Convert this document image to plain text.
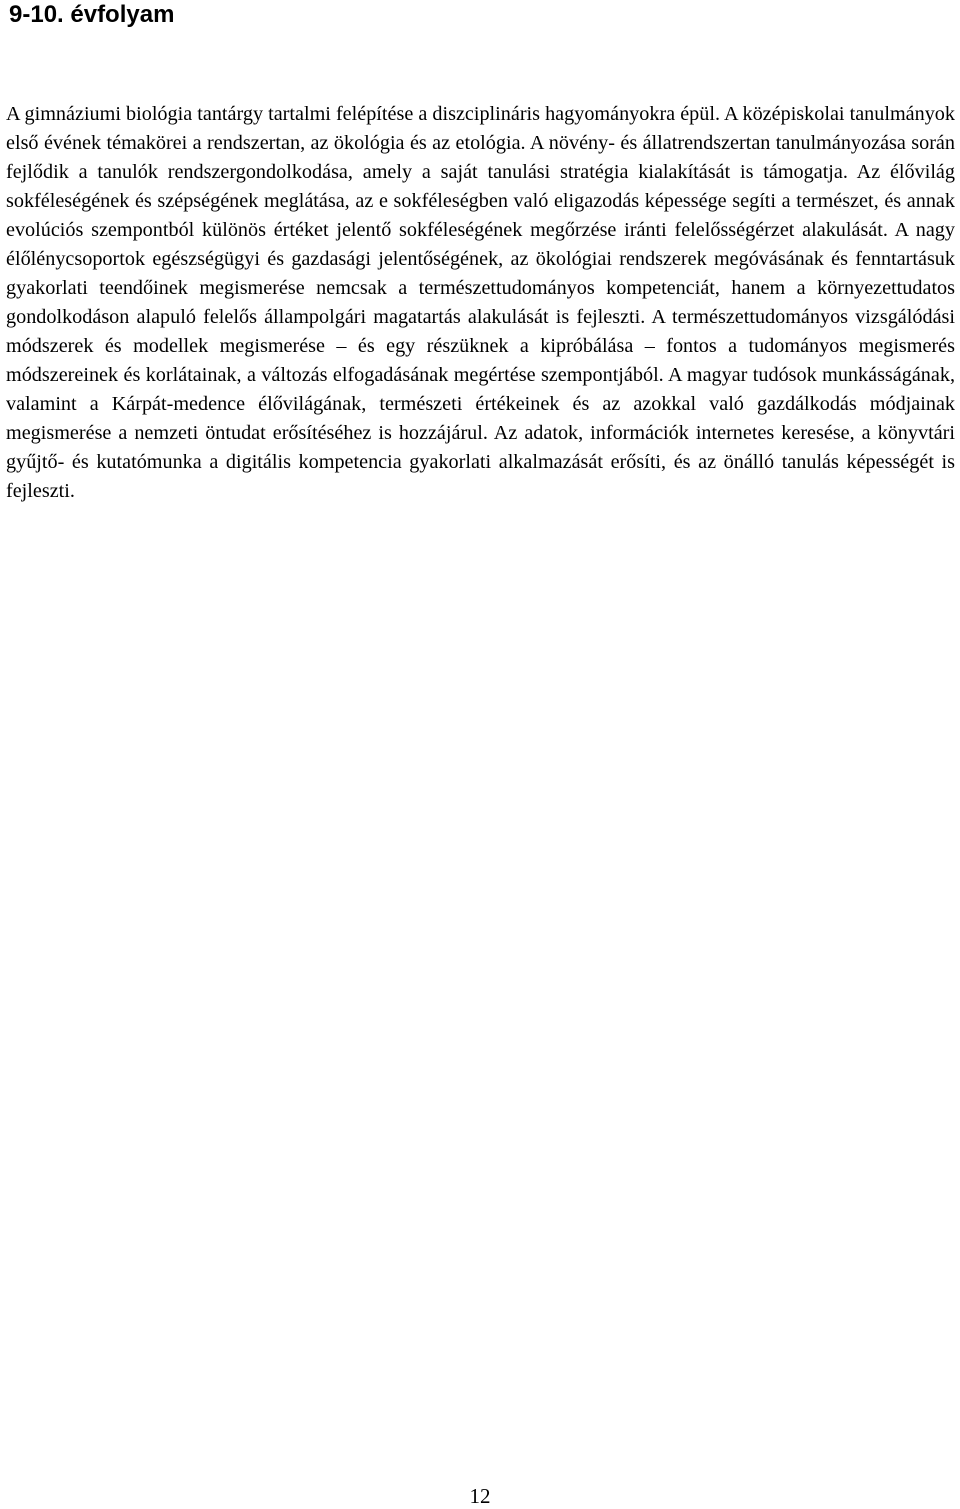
9-10. évfolyam

A gimnáziumi biológia tantárgy tartalmi felépítése a diszciplináris hagyományokra épül. A középiskolai tanulmányok első évének témakörei a rendszertan, az ökológia és az etológia. A növény- és állatrendszertan tanulmányozása során fejlődik a tanulók rendszergondolkodása, amely a saját tanulási stratégia kialakítását is támogatja. Az élővilág sokféleségének és szépségének meglátása, az e sokféleségben való eligazodás képessége segíti a természet, és annak evolúciós szempontból különös értéket jelentő sokféleségének megőrzése iránti felelősségérzet alakulását. A nagy élőlénycsoportok egészségügyi és gazdasági jelentőségének, az ökológiai rendszerek megóvásának és fenntartásuk gyakorlati teendőinek megismerése nemcsak a természettudományos kompetenciát, hanem a környezettudatos gondolkodáson alapuló felelős állampolgári magatartás alakulását is fejleszti. A természettudományos vizsgálódási módszerek és modellek megismerése – és egy részüknek a kipróbálása – fontos a tudományos megismerés módszereinek és korlátainak, a változás elfogadásának megértése szempontjából. A magyar tudósok munkásságának, valamint a Kárpát-medence élővilágának, természeti értékeinek és az azokkal való gazdálkodás módjainak megismerése a nemzeti öntudat erősítéséhez is hozzájárul. Az adatok, információk internetes keresése, a könyvtári gyűjtő- és kutatómunka a digitális kompetencia gyakorlati alkalmazását erősíti, és az önálló tanulás képességét is fejleszti.

12
